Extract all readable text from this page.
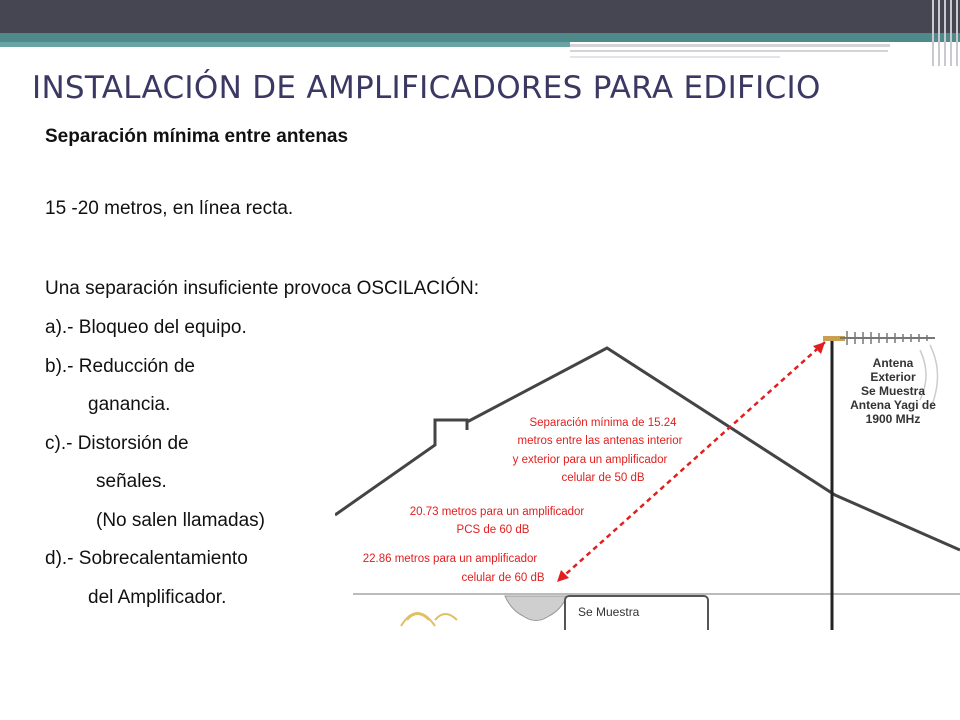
INSTALACIÓN DE AMPLIFICADORES PARA EDIFICIO
Separación mínima entre antenas
15 -20 metros, en línea recta.
Una separación insuficiente provoca OSCILACIÓN:
a).- Bloqueo del equipo.
b).- Reducción de
ganancia.
c).- Distorsión de
señales.
(No salen llamadas)
d).- Sobrecalentamiento
del Amplificador.
Antena
Exterior
Se Muestra
Antena Yagi de
1900 MHz
Separación mínima de 15.24
metros entre las antenas interior
y exterior para un amplificador
celular de 50 dB
20.73 metros para un amplificador
PCS de 60 dB
22.86 metros para un amplificador
celular de 60 dB
Se Muestra
